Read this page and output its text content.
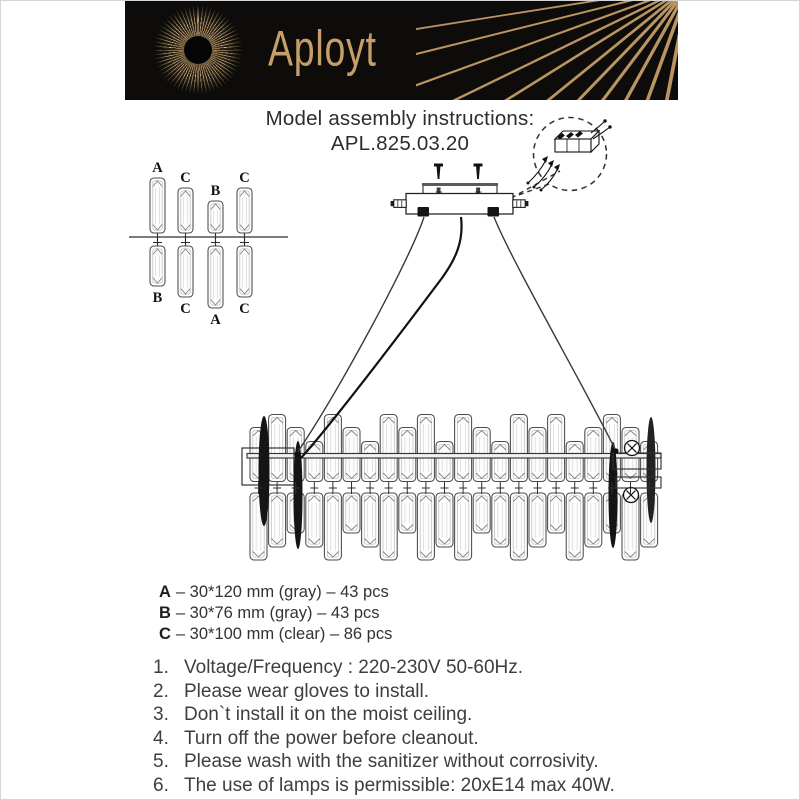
Aployt
Model assembly instructions:
APL.825.03.20
A
C
B
C
B
C
A
C
A – 30*120 mm (gray) – 43 pcs
B – 30*76 mm (gray) – 43 pcs
C – 30*100 mm (clear) – 86 pcs
1. Voltage/Frequency : 220-230V 50-60Hz.
2. Please wear gloves to install.
3. Don`t install it on the moist ceiling.
4. Turn off the power before cleanout.
5. Please wash with the sanitizer without corrosivity.
6. The use of lamps is permissible: 20xE14 max 40W.
